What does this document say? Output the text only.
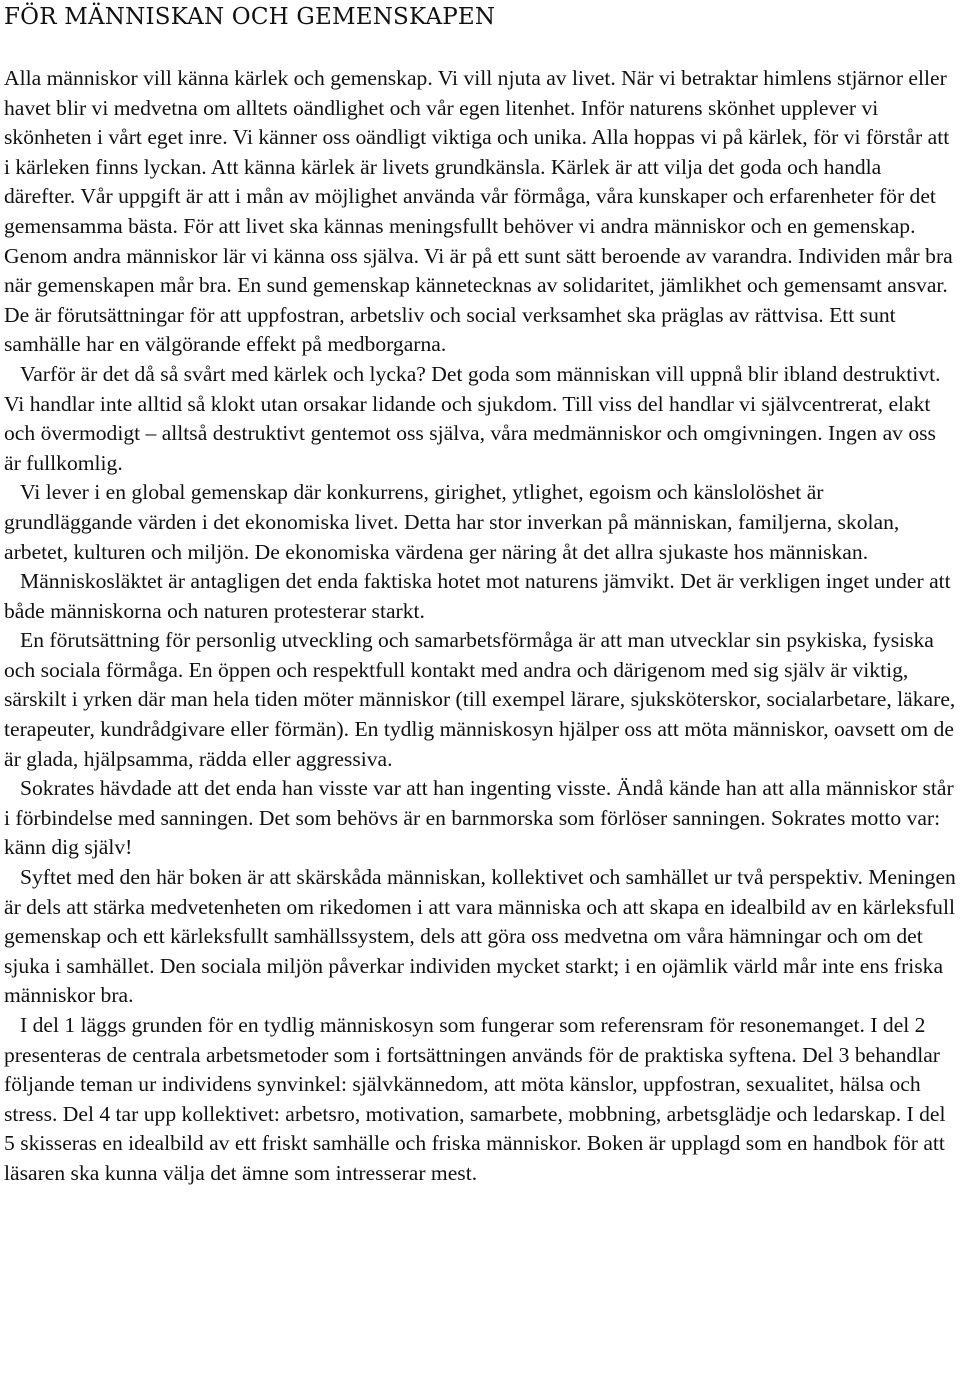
FÖR MÄNNISKAN OCH GEMENSKAPEN

Alla människor vill känna kärlek och gemenskap. Vi vill njuta av livet. När vi betraktar himlens stjärnor eller havet blir vi medvetna om alltets oändlighet och vår egen litenhet. Inför naturens skönhet upplever vi skönheten i vårt eget inre. Vi känner oss oändligt viktiga och unika. Alla hoppas vi på kärlek, för vi förstår att i kärleken finns lyckan. Att känna kärlek är livets grundkänsla. Kärlek är att vilja det goda och handla därefter. Vår uppgift är att i mån av möjlighet använda vår förmåga, våra kunskaper och erfarenheter för det gemensamma bästa. För att livet ska kännas meningsfullt behöver vi andra människor och en gemenskap. Genom andra människor lär vi känna oss själva. Vi är på ett sunt sätt beroende av varandra. Individen mår bra när gemenskapen mår bra. En sund gemenskap kännetecknas av solidaritet, jämlikhet och gemensamt ansvar. De är förutsättningar för att uppfostran, arbetsliv och social verksamhet ska präglas av rättvisa. Ett sunt samhälle har en välgörande effekt på medborgarna.

Varför är det då så svårt med kärlek och lycka? Det goda som människan vill uppnå blir ibland destruktivt. Vi handlar inte alltid så klokt utan orsakar lidande och sjukdom. Till viss del handlar vi självcentrerat, elakt och övermodigt – alltså destruktivt gentemot oss själva, våra medmänniskor och omgivningen. Ingen av oss är fullkomlig.

Vi lever i en global gemenskap där konkurrens, girighet, ytlighet, egoism och känslolöshet är grundläggande värden i det ekonomiska livet. Detta har stor inverkan på människan, familjerna, skolan, arbetet, kulturen och miljön. De ekonomiska värdena ger näring åt det allra sjukaste hos människan.

Människosläktet är antagligen det enda faktiska hotet mot naturens jämvikt. Det är verkligen inget under att både människorna och naturen protesterar starkt.

En förutsättning för personlig utveckling och samarbetsförmåga är att man utvecklar sin psykiska, fysiska och sociala förmåga. En öppen och respektfull kontakt med andra och därigenom med sig själv är viktig, särskilt i yrken där man hela tiden möter människor (till exempel lärare, sjuksköterskor, socialarbetare, läkare, terapeuter, kundrådgivare eller förmän). En tydlig människosyn hjälper oss att möta människor, oavsett om de är glada, hjälpsamma, rädda eller aggressiva.

Sokrates hävdade att det enda han visste var att han ingenting visste. Ändå kände han att alla människor står i förbindelse med sanningen. Det som behövs är en barnmorska som förlöser sanningen. Sokrates motto var: känn dig själv!

Syftet med den här boken är att skärskåda människan, kollektivet och samhället ur två perspektiv. Meningen är dels att stärka medvetenheten om rikedomen i att vara människa och att skapa en idealbild av en kärleksfull gemenskap och ett kärleksfullt samhällssystem, dels att göra oss medvetna om våra hämningar och om det sjuka i samhället. Den sociala miljön påverkar individen mycket starkt; i en ojämlik värld mår inte ens friska människor bra.

I del 1 läggs grunden för en tydlig människosyn som fungerar som referensram för resonemanget. I del 2 presenteras de centrala arbetsmetoder som i fortsättningen används för de praktiska syftena. Del 3 behandlar följande teman ur individens synvinkel: självkännedom, att möta känslor, uppfostran, sexualitet, hälsa och stress. Del 4 tar upp kollektivet: arbetsro, motivation, samarbete, mobbning, arbetsglädje och ledarskap. I del 5 skisseras en idealbild av ett friskt samhälle och friska människor. Boken är upplagd som en handbok för att läsaren ska kunna välja det ämne som intresserar mest.
